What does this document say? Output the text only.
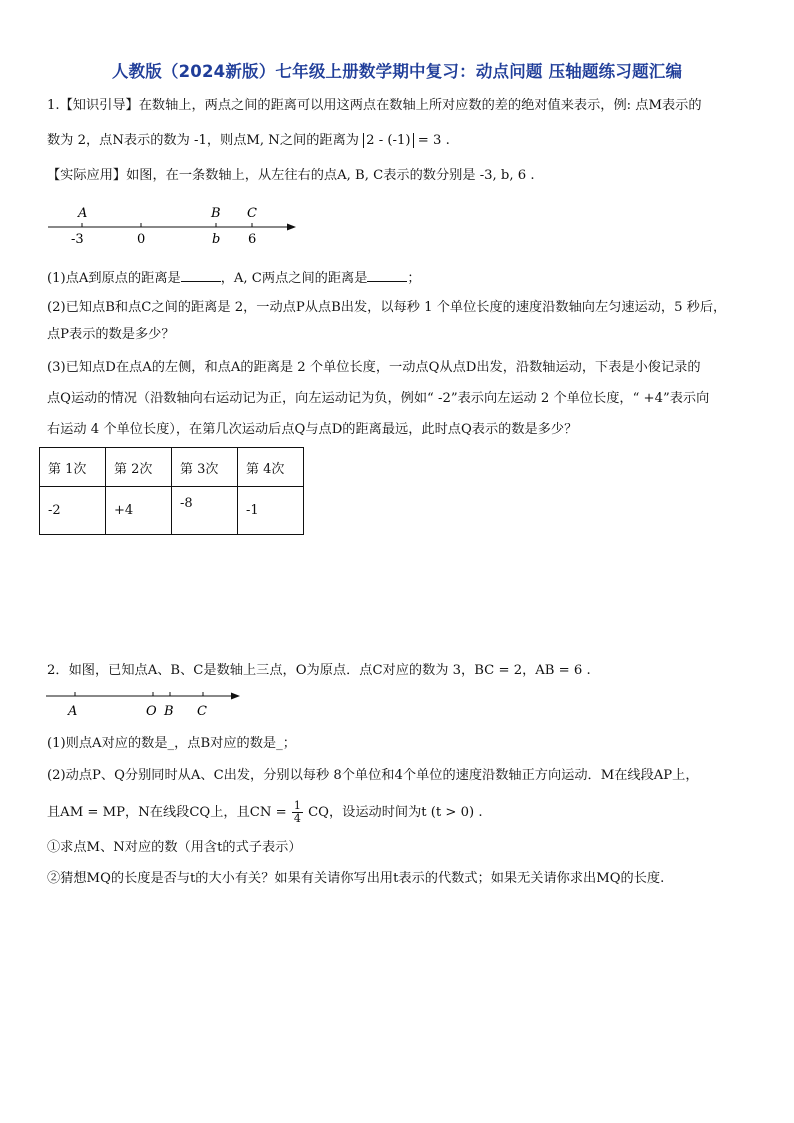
人教版（2024新版）七年级上册数学期中复习：动点问题 压轴题练习题汇编
1.【知识引导】在数轴上，两点之间的距离可以用这两点在数轴上所对应数的差的绝对值来表示，例: 点M表示的
数为 2，点N表示的数为 -1，则点M, N之间的距离为 2 - (-1) = 3 .
【实际应用】如图，在一条数轴上，从左往右的点A, B, C表示的数分别是 -3, b, 6 .
A	B C
-3	0	b 6
(1)点A到原点的距离是	，A, C两点之间的距离是	；
(2)已知点B和点C之间的距离是 2，一动点P从点B出发，以每秒 1 个单位长度的速度沿数轴向左匀速运动，5 秒后，
点P表示的数是多少？
(3)已知点D在点A的左侧，和点A的距离是 2 个单位长度，一动点Q从点D出发，沿数轴运动，下表是小俊记录的
点Q运动的情况（沿数轴向右运动记为正，向左运动记为负，例如“ -2”表示向左运动 2 个单位长度，“ +4”表示向
右运动 4 个单位长度），在第几次运动后点Q与点D的距离最远，此时点Q表示的数是多少？
第 1次	第 2次	第 3次	第 4次
-2	+4	-8	-1
2．如图，已知点A、B、C是数轴上三点，O为原点．点C对应的数为 3，BC = 2，AB = 6 .
A	O B C
(1)则点A对应的数是_，点B对应的数是_；
(2)动点P、Q分别同时从A、C出发，分别以每秒 8个单位和4个单位的速度沿数轴正方向运动．M在线段AP上，
且AM = MP，N在线段CQ上，且CN = $\frac{1}{4}$ CQ，设运动时间为t (t > 0) .
①求点M、N对应的数（用含t的式子表示）
②猜想MQ的长度是否与t的大小有关？如果有关请你写出用t表示的代数式；如果无关请你求出MQ的长度.
